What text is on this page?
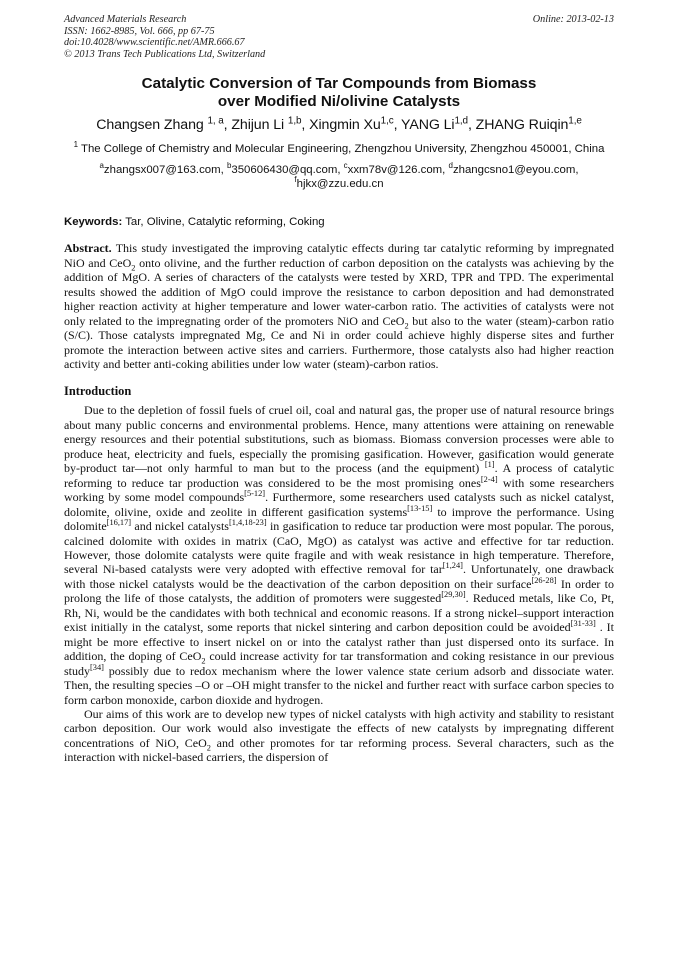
Advanced Materials Research
ISSN: 1662-8985, Vol. 666, pp 67-75
doi:10.4028/www.scientific.net/AMR.666.67
© 2013 Trans Tech Publications Ltd, Switzerland
Online: 2013-02-13
Catalytic Conversion of Tar Compounds from Biomass
over Modified Ni/olivine Catalysts
Changsen Zhang $^{1, a}$, Zhijun Li $^{1,b}$, Xingmin Xu$^{1,c}$, YANG Li$^{1,d}$, ZHANG Ruiqin$^{1,e}$
$^1$ The College of Chemistry and Molecular Engineering, Zhengzhou University, Zhengzhou 450001, China
$^a$zhangsx007@163.com, $^b$350606430@qq.com, $^c$xxm78v@126.com, $^d$zhangcsno1@eyou.com,
$^f$hjkx@zzu.edu.cn
Keywords: Tar, Olivine, Catalytic reforming, Coking
Abstract. This study investigated the improving catalytic effects during tar catalytic reforming by impregnated NiO and CeO$_2$ onto olivine, and the further reduction of carbon deposition on the catalysts was achieving by the addition of MgO. A series of characters of the catalysts were tested by XRD, TPR and TPD. The experimental results showed the addition of MgO could improve the resistance to carbon deposition and had demonstrated higher reaction activity at higher temperature and lower water-carbon ratio. The activities of catalysts were not only related to the impregnating order of the promoters NiO and CeO$_2$ but also to the water (steam)-carbon ratio (S/C). Those catalysts impregnated Mg, Ce and Ni in order could achieve highly disperse sites and further promote the interaction between active sites and carriers. Furthermore, those catalysts also had higher reaction activity and better anti-coking abilities under low water (steam)-carbon ratios.
Introduction

Due to the depletion of fossil fuels of cruel oil, coal and natural gas, the proper use of natural resource brings about many public concerns and environmental problems. Hence, many attentions were attaining on renewable energy resources and their potential substitutions, such as biomass. Biomass conversion processes were able to produce heat, electricity and fuels, especially the promising gasification. However, gasification would generate by-product tar—not only harmful to man but to the process (and the equipment) [1]. A process of catalytic reforming to reduce tar production was considered to be the most promising ones[2-4] with some researchers working by some model compounds[5-12]. Furthermore, some researchers used catalysts such as nickel catalyst, dolomite, olivine, oxide and zeolite in different gasification systems[13-15] to improve the performance. Using dolomite[16,17] and nickel catalysts[1,4,18-23] in gasification to reduce tar production were most popular. The porous, calcined dolomite with oxides in matrix (CaO, MgO) as catalyst was active and effective for tar reduction. However, those dolomite catalysts were quite fragile and with weak resistance in high temperature. Therefore, several Ni-based catalysts were very adopted with effective removal for tar[1,24]. Unfortunately, one drawback with those nickel catalysts would be the deactivation of the carbon deposition on their surface[26-28] In order to prolong the life of those catalysts, the addition of promoters were suggested[29,30]. Reduced metals, like Co, Pt, Rh, Ni, would be the candidates with both technical and economic reasons. If a strong nickel–support interaction exist initially in the catalyst, some reports that nickel sintering and carbon deposition could be avoided[31-33] . It might be more effective to insert nickel on or into the catalyst rather than just dispersed onto its surface. In addition, the doping of CeO$_2$ could increase activity for tar transformation and coking resistance in our previous study[34] possibly due to redox mechanism where the lower valence state cerium adsorb and dissociate water. Then, the resulting species –O or –OH might transfer to the nickel and further react with surface carbon species to form carbon monoxide, carbon dioxide and hydrogen.

Our aims of this work are to develop new types of nickel catalysts with high activity and stability to resistant carbon deposition. Our work would also investigate the effects of new catalysts by impregnating different concentrations of NiO, CeO$_2$ and other promotes for tar reforming process. Several characters, such as the interaction with nickel-based carriers, the dispersion of
